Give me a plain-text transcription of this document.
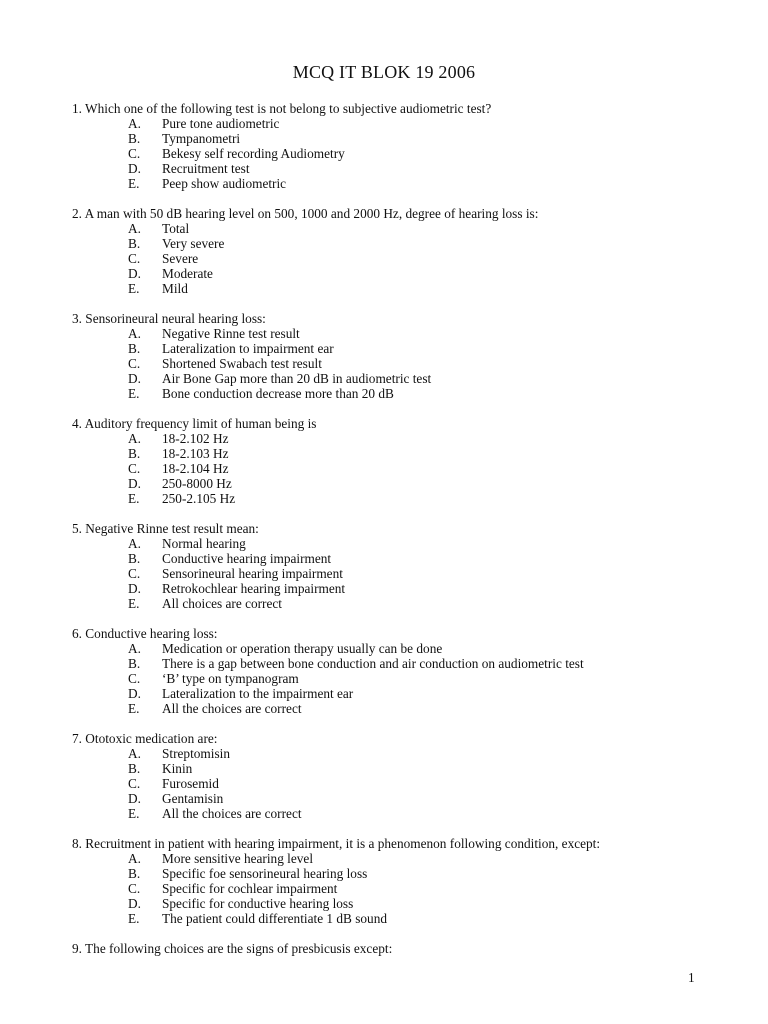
MCQ IT BLOK 19 2006
1. Which one of the following test is not belong to subjective audiometric test?
A. Pure tone audiometric
B. Tympanometri
C. Bekesy self recording Audiometry
D. Recruitment test
E. Peep show audiometric
2. A man with 50 dB hearing level on 500, 1000 and 2000 Hz, degree of hearing loss is:
A. Total
B. Very severe
C. Severe
D. Moderate
E. Mild
3. Sensorineural neural hearing loss:
A. Negative Rinne test result
B. Lateralization to impairment ear
C. Shortened Swabach test result
D. Air Bone Gap more than 20 dB in audiometric test
E. Bone conduction decrease more than 20 dB
4. Auditory frequency limit of human being is
A. 18-2.102 Hz
B. 18-2.103 Hz
C. 18-2.104 Hz
D. 250-8000 Hz
E. 250-2.105 Hz
5. Negative Rinne test result mean:
A. Normal hearing
B. Conductive hearing impairment
C. Sensorineural hearing impairment
D. Retrokochlear hearing impairment
E. All choices are correct
6. Conductive hearing loss:
A. Medication or operation therapy usually can be done
B. There is a gap between bone conduction and air conduction on audiometric test
C. ‘B’ type on tympanogram
D. Lateralization to the impairment ear
E. All the choices are correct
7. Ototoxic medication are:
A. Streptomisin
B. Kinin
C. Furosemid
D. Gentamisin
E. All the choices are correct
8. Recruitment in patient with hearing impairment, it is a phenomenon following condition, except:
A. More sensitive hearing level
B. Specific foe sensorineural hearing loss
C. Specific for cochlear impairment
D. Specific for conductive hearing loss
E. The patient could differentiate 1 dB sound
9. The following choices are the signs of presbicusis except:
1
